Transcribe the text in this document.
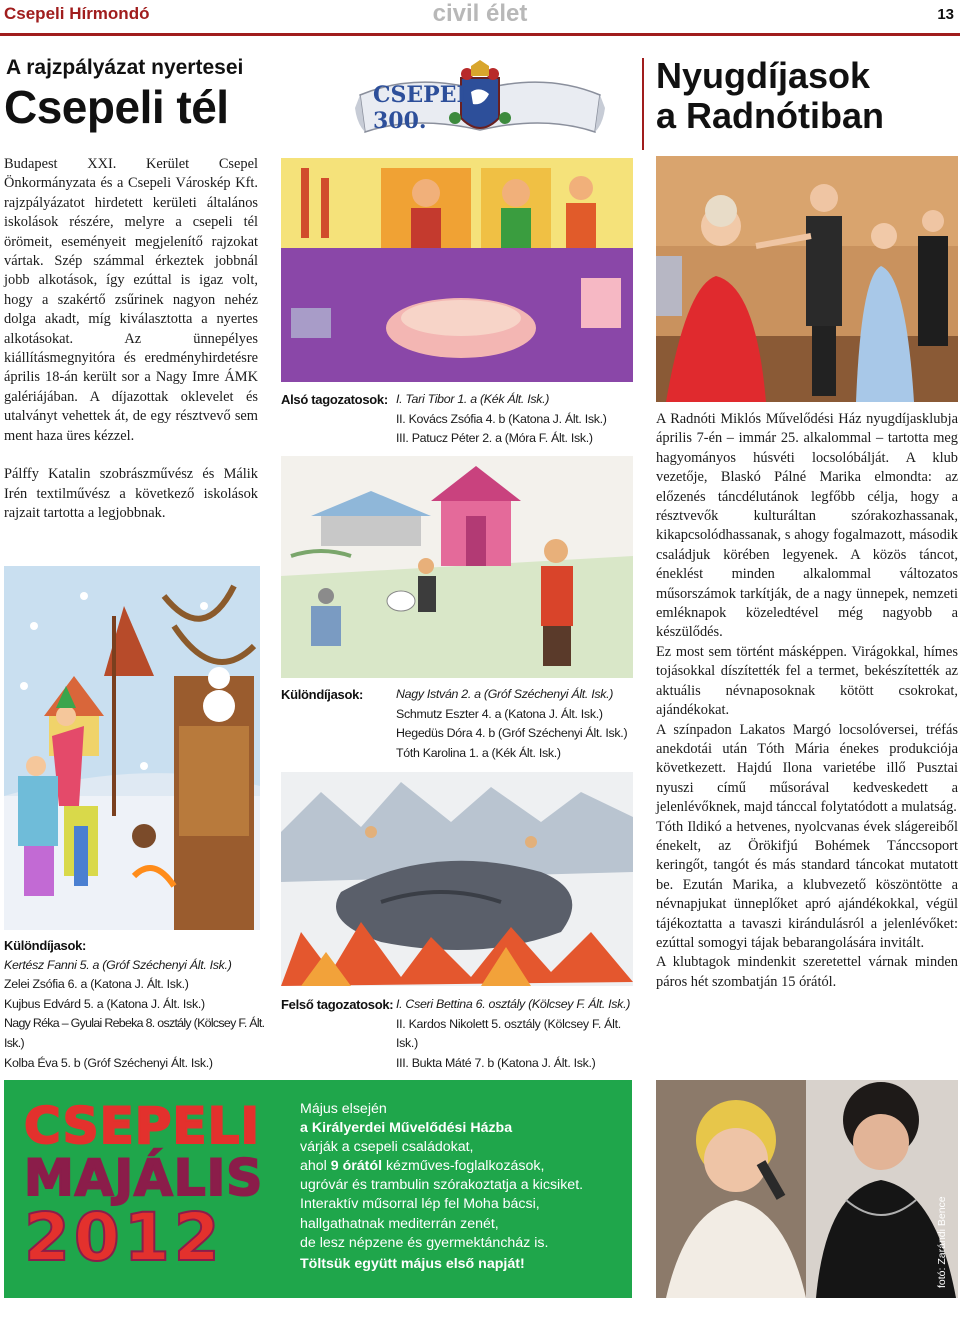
Csepeli Hírmondó	civil élet	13
A rajzpályázat nyertesei
Csepeli tél	CSEPEL 300.
Nyugdíjasok
a Radnótiban

Budapest XXI. Kerület Csepel Önkormányzata és a Csepeli Városkép Kft. rajzpályázatot hirdetett kerületi általános iskolások részére, melyre a csepeli tél örömeit, eseményeit megjelenítő rajzokat vártak. Szép számmal érkeztek jobbnál jobb alkotások, így ezúttal is igaz volt, hogy a szakértő zsűrinek nagyon nehéz dolga akadt, míg kiválasztotta a nyertes alkotásokat. Az ünnepélyes kiállításmegnyitóra és eredményhirdetésre április 18-án került sor a Nagy Imre ÁMK galériájában. A díjazottak oklevelet és utalványt vehettek át, de egy résztvevő sem ment haza üres kézzel.

Pálffy Katalin szobrászművész és Málik Irén textilművész a következő iskolások rajzait tartotta a legjobbnak.

Különdíjasok:
Kertész Fanni 5. a (Gróf Széchenyi Ált. Isk.)
Zelei Zsófia 6. a (Katona J. Ált. Isk.)
Kujbus Edvárd 5. a (Katona J. Ált. Isk.)
Nagy Réka – Gyulai Rebeka 8. osztály (Kölcsey F. Ált. Isk.)
Kolba Éva 5. b (Gróf Széchenyi Ált. Isk.)
Alsó tagozatosok: I. Tari Tibor 1. a (Kék Ált. Isk.)
II. Kovács Zsófia 4. b (Katona J. Ált. Isk.)
III. Patucz Péter 2. a (Móra F. Ált. Isk.)
Különdíjasok:	Nagy István 2. a (Gróf Széchenyi Ált. Isk.)
Schmutz Eszter 4. a (Katona J. Ált. Isk.)
Hegedüs Dóra 4. b (Gróf Széchenyi Ált. Isk.)
Tóth Karolina 1. a (Kék Ált. Isk.)
Felső tagozatosok: I. Cseri Bettina 6. osztály (Kölcsey F. Ált. Isk.)
II. Kardos Nikolett 5. osztály (Kölcsey F. Ált. Isk.)
III. Bukta Máté 7. b (Katona J. Ált. Isk.)
A Radnóti Miklós Művelődési Ház nyugdíjasklubja április 7-én – immár 25. alkalommal – tartotta meg hagyományos húsvéti locsolóbálját. A klub vezetője, Blaskó Pálné Marika elmondta: az előzenés táncdélutánok legfőbb célja, hogy a résztvevők kulturáltan szórakozhassanak, kikapcsolódhassanak, s ahogy fogalmazott, második családjuk körében legyenek. A közös táncot, éneklést minden alkalommal változatos műsorszámok tarkítják, de a nagy ünnepek, nemzeti emléknapok közeledtével még nagyobb a készülődés.
Ez most sem történt másképpen. Virágokkal, hímes tojásokkal díszítették fel a termet, bekészítették az aktuális névnaposoknak kötött csokrokat, ajándékokat.
A színpadon Lakatos Margó locsolóversei, tréfás anekdotái után Tóth Mária énekes produkciója következett. Hajdú Ilona varietébe illő Pusztai nyuszi című műsorával kedveskedett a jelenlévőknek, majd tánccal folytatódott a mulatság.
Tóth Ildikó a hetvenes, nyolcvanas évek slágereiből énekelt, az Örökifjú Bohémek Tánccsoport keringőt, tangót és más standard táncokat mutatott be. Ezután Marika, a klubvezető köszöntötte a névnapjukat ünneplőket apró ajándékokkal, végül tájékoztatta a tavaszi kirándulásról a jelenlévőket: ezúttal somogyi tájak bebarangolására invitált.
A klubtagok mindenkit szeretettel várnak minden páros hét szombatján 15 órától.
CSEPELI
MAJÁLIS
2012
Május elsején
a Királyerdei Művelődési Házba
várják a csepeli családokat,
ahol 9 órától kézműves-foglalkozások,
ugróvár és trambulin szórakoztatja a kicsiket.
Interaktív műsorral lép fel Moha bácsi,
hallgathatnak mediterrán zenét,
de lesz népzene és gyermektáncház is.
Töltsük együtt május első napját!	fotó: Zarándi Bence
